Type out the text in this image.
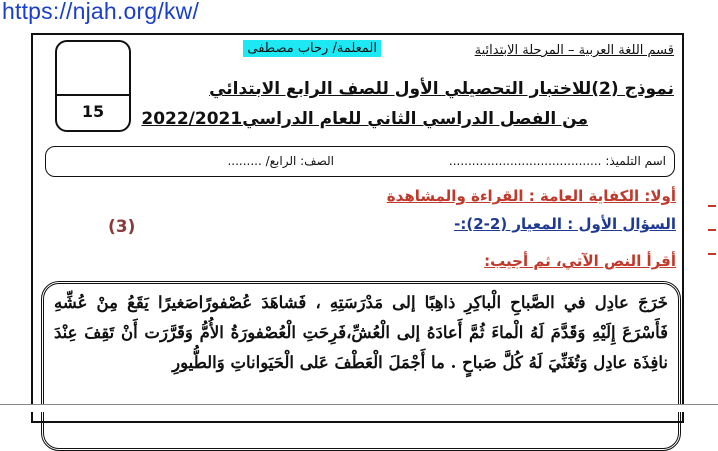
https://njah.org/kw/
قسم اللغة العربية – المرحلة الابتدائية
المعلمة/ رحاب مصطفى
نموذج (2)للاختبار التحصيلي الأول للصف الرابع الابتدائي
من الفصل الدراسي الثاني للعام الدراسي2022/2021
15
اسم التلميذ: ........................................
الصف: الرابع/ .........
أولا: الكفاية العامة : القراءة والمشاهدة
السؤال الأول : المعيار (2-2):-
(3)
أقرأ النص الآتي، ثم أجيب:

خَرَجَ عادِل في الصَّباحِ الْباكِرِ ذاهِبًا إلى مَدْرَسَتِهِ ، فَشاهَدَ عُصْفورًاصَغيرًا يَقَعُ مِنْ عُشِّهِ فَأَسْرَعَ إِلَيْهِ وَقَدَّمَ لَهُ الْماءَ ثُمَّ أَعادَهُ إلى الْعُشِّ،فَرِحَتِ الْعُصْفورَةُ الأُمُّ وَقَرَّرَت أَنْ تَقِفَ عِنْدَ نافِذَة عادِل وَتُغَنِّيَ لَهُ كُلَّ صَباحٍ . ما أَجْمَلَ الْعَطْفَ عَلى الْحَيَواناتِ وَالطُّيورِ
